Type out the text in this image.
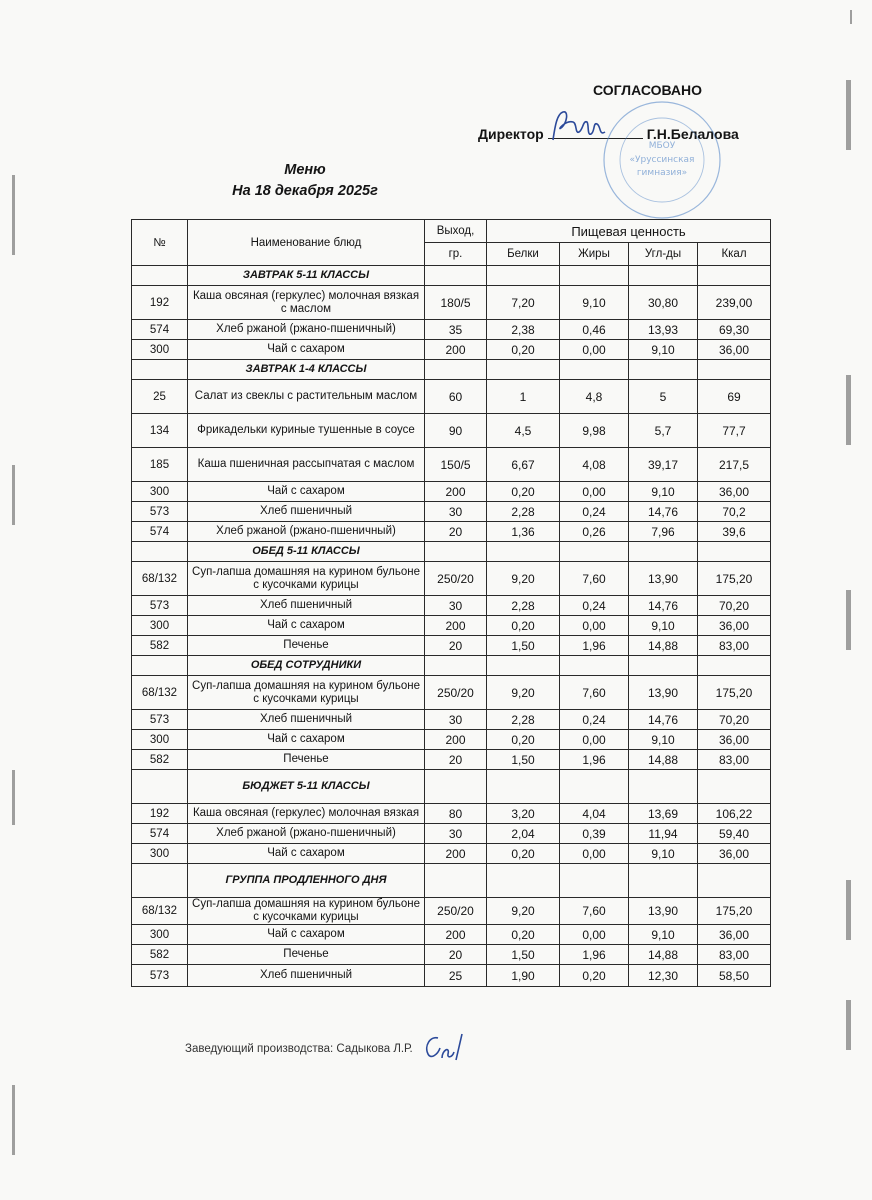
СОГЛАСОВАНО
Директор	Г.Н.Белалова
МБОУ
«Уруссинская
гимназия»
Меню
На 18 декабря 2025г
№	Наименование блюд	Выход,	Пищевая ценность			
		гр.	Белки	Жиры	Угл-ды	Ккал
	ЗАВТРАК 5-11 КЛАССЫ					
192	Каша овсяная (геркулес) молочная вязкая с маслом	180/5	7,20	9,10	30,80	239,00
574	Хлеб ржаной (ржано-пшеничный)	35	2,38	0,46	13,93	69,30
300	Чай с сахаром	200	0,20	0,00	9,10	36,00
	ЗАВТРАК 1-4 КЛАССЫ					
25	Салат из свеклы с растительным маслом	60	1	4,8	5	69
134	Фрикадельки куриные тушенные в соусе	90	4,5	9,98	5,7	77,7
185	Каша пшеничная рассыпчатая с маслом	150/5	6,67	4,08	39,17	217,5
300	Чай с сахаром	200	0,20	0,00	9,10	36,00
573	Хлеб пшеничный	30	2,28	0,24	14,76	70,2
574	Хлеб ржаной (ржано-пшеничный)	20	1,36	0,26	7,96	39,6
	ОБЕД 5-11 КЛАССЫ					
68/132	Суп-лапша домашняя на курином бульоне с кусочками курицы	250/20	9,20	7,60	13,90	175,20
573	Хлеб пшеничный	30	2,28	0,24	14,76	70,20
300	Чай с сахаром	200	0,20	0,00	9,10	36,00
582	Печенье	20	1,50	1,96	14,88	83,00
	ОБЕД СОТРУДНИКИ					
68/132	Суп-лапша домашняя на курином бульоне с кусочками курицы	250/20	9,20	7,60	13,90	175,20
573	Хлеб пшеничный	30	2,28	0,24	14,76	70,20
300	Чай с сахаром	200	0,20	0,00	9,10	36,00
582	Печенье	20	1,50	1,96	14,88	83,00
	БЮДЖЕТ 5-11 КЛАССЫ					
192	Каша овсяная (геркулес) молочная вязкая	80	3,20	4,04	13,69	106,22
574	Хлеб ржаной (ржано-пшеничный)	30	2,04	0,39	11,94	59,40
300	Чай с сахаром	200	0,20	0,00	9,10	36,00
	ГРУППА ПРОДЛЕННОГО ДНЯ					
68/132	Суп-лапша домашняя на курином бульоне с кусочками курицы	250/20	9,20	7,60	13,90	175,20
300	Чай с сахаром	200	0,20	0,00	9,10	36,00
582	Печенье	20	1,50	1,96	14,88	83,00
573	Хлеб пшеничный	25	1,90	0,20	12,30	58,50
Заведующий производства: Садыкова Л.Р.
